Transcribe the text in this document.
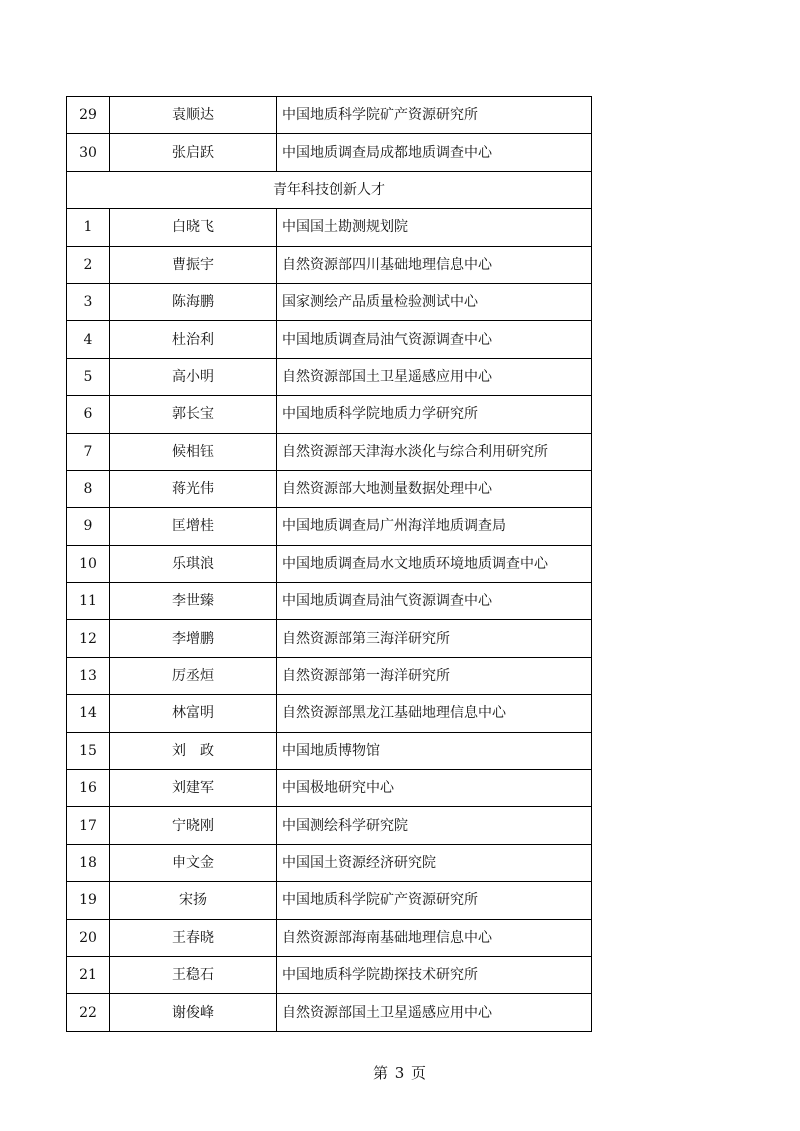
29	袁顺达	中国地质科学院矿产资源研究所
30	张启跃	中国地质调查局成都地质调查中心
青年科技创新人才		
1	白晓飞	中国国土勘测规划院
2	曹振宇	自然资源部四川基础地理信息中心
3	陈海鹏	国家测绘产品质量检验测试中心
4	杜治利	中国地质调查局油气资源调查中心
5	高小明	自然资源部国土卫星遥感应用中心
6	郭长宝	中国地质科学院地质力学研究所
7	候相钰	自然资源部天津海水淡化与综合利用研究所
8	蒋光伟	自然资源部大地测量数据处理中心
9	匡增桂	中国地质调查局广州海洋地质调查局
10	乐琪浪	中国地质调查局水文地质环境地质调查中心
11	李世臻	中国地质调查局油气资源调查中心
12	李增鹏	自然资源部第三海洋研究所
13	厉丞烜	自然资源部第一海洋研究所
14	林富明	自然资源部黑龙江基础地理信息中心
15	刘　政	中国地质博物馆
16	刘建军	中国极地研究中心
17	宁晓刚	中国测绘科学研究院
18	申文金	中国国土资源经济研究院
19	宋扬	中国地质科学院矿产资源研究所
20	王春晓	自然资源部海南基础地理信息中心
21	王稳石	中国地质科学院勘探技术研究所
22	谢俊峰	自然资源部国土卫星遥感应用中心
第 3 页
